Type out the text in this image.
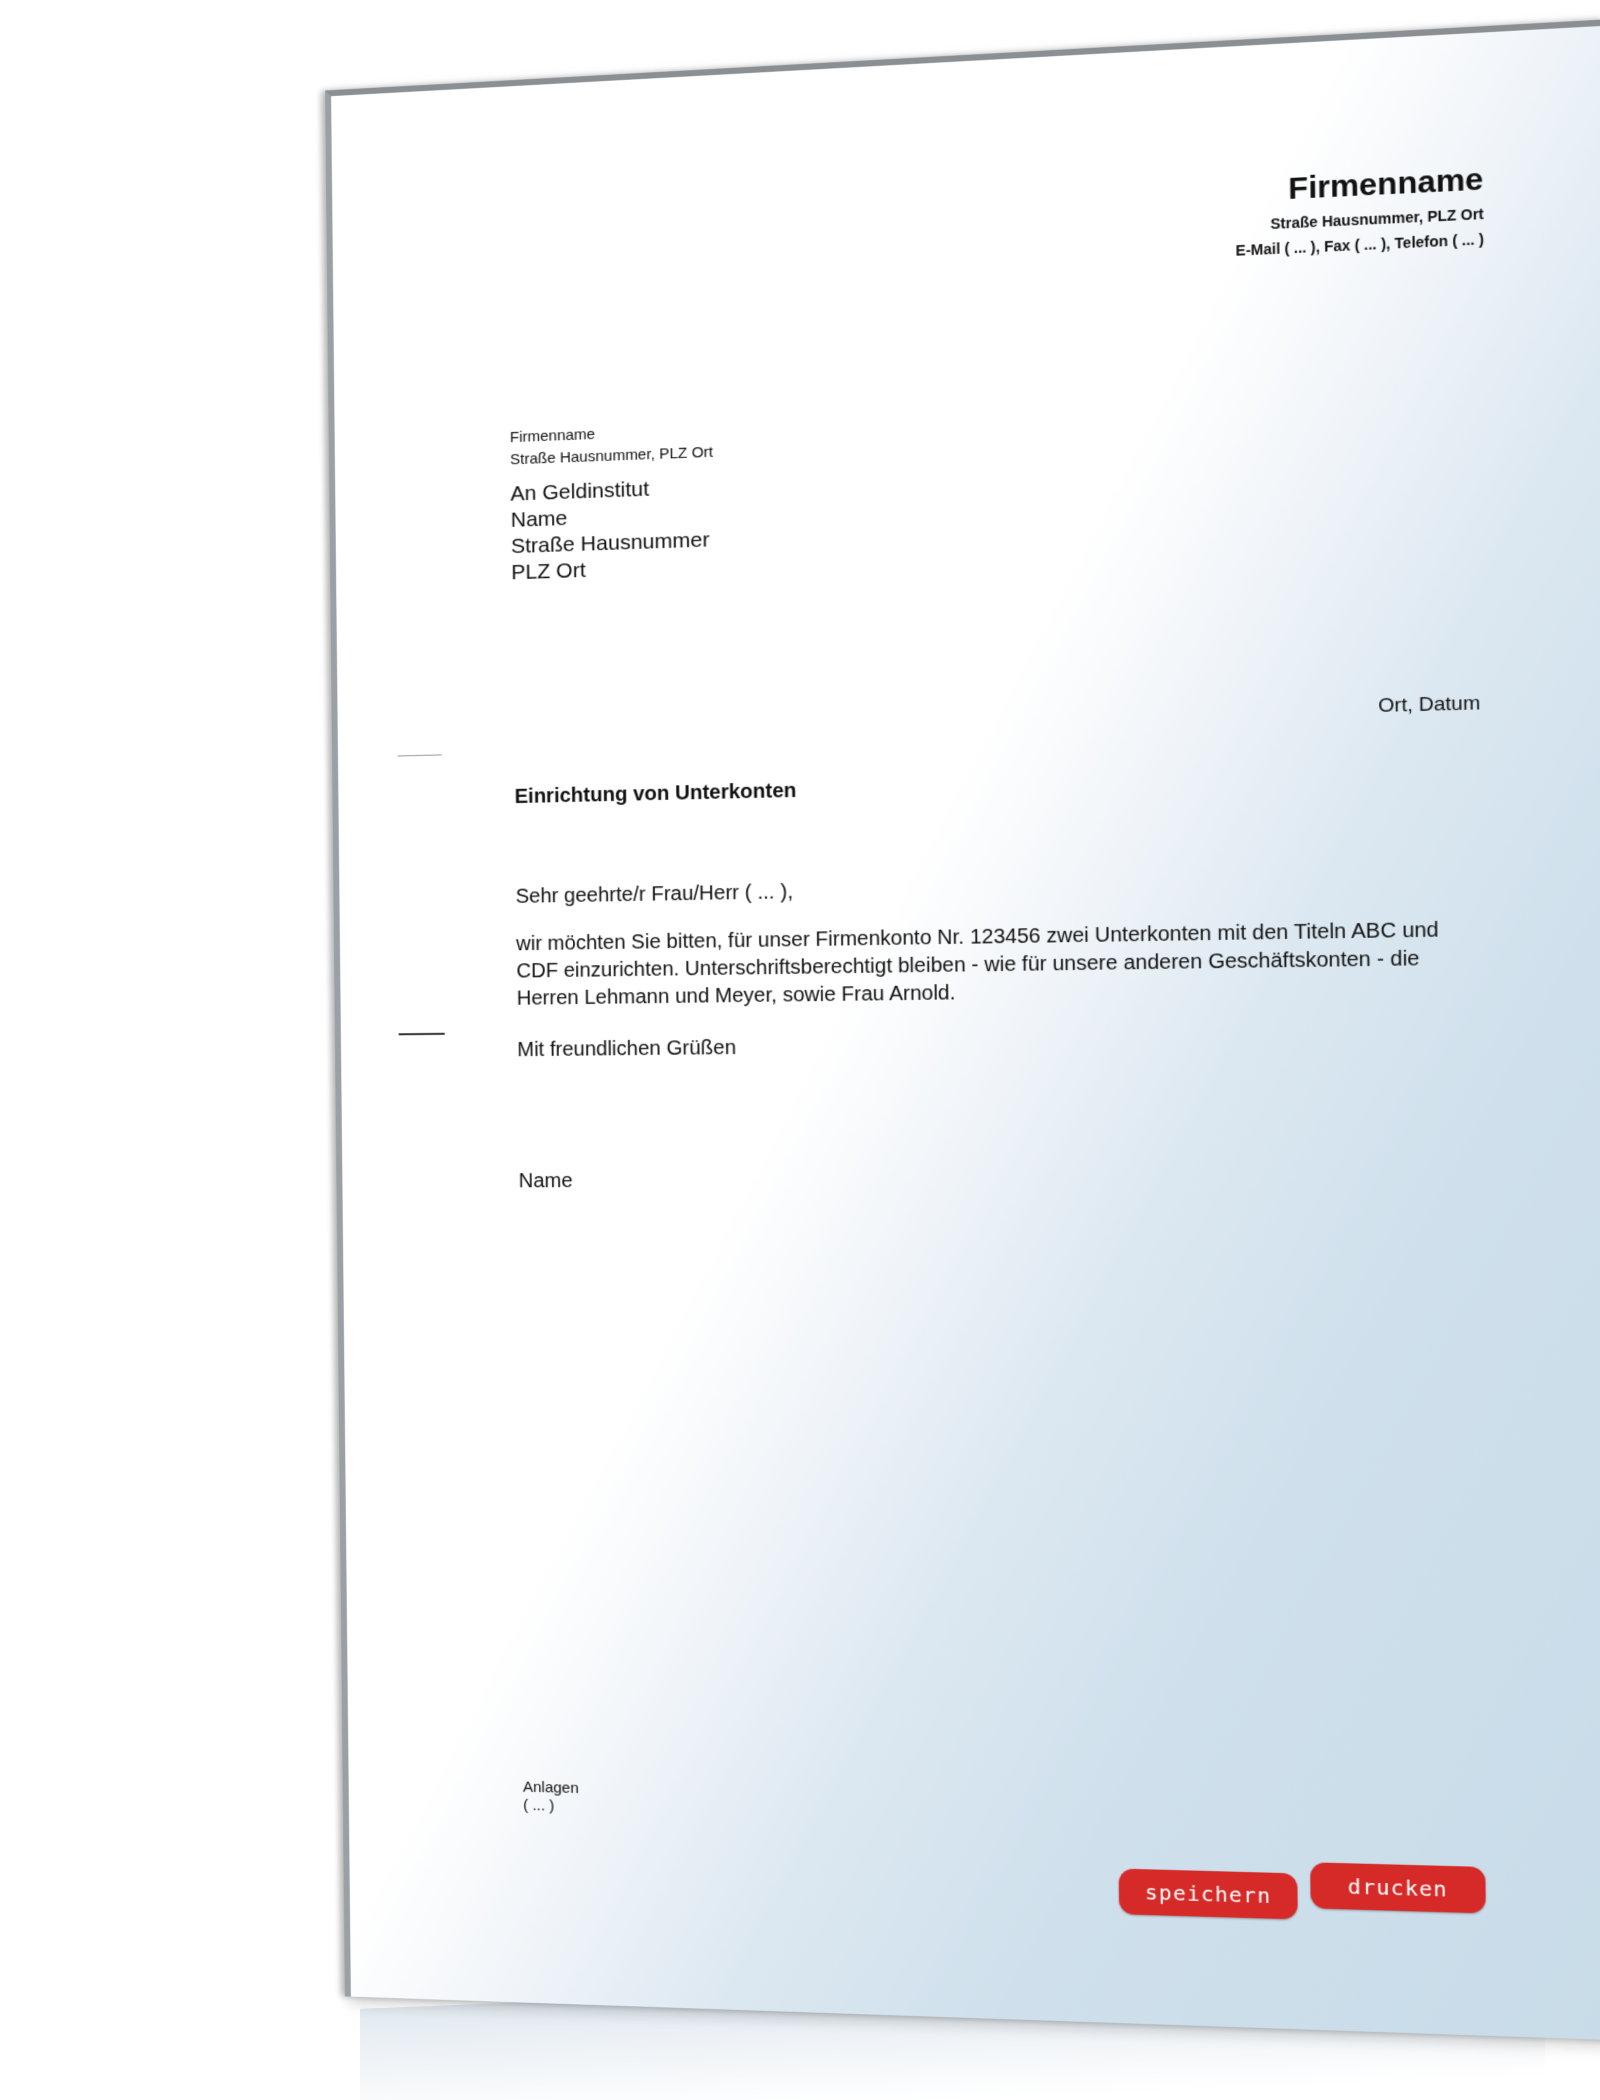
Firmenname
Straße Hausnummer, PLZ Ort
E-Mail ( ... ), Fax ( ... ), Telefon ( ... )
Firmenname
Straße Hausnummer, PLZ Ort
An Geldinstitut
Name
Straße Hausnummer
PLZ Ort
Ort, Datum
Einrichtung von Unterkonten
Sehr geehrte/r Frau/Herr ( ... ),
wir möchten Sie bitten, für unser Firmenkonto Nr. 123456 zwei Unterkonten mit den Titeln ABC und CDF einzurichten. Unterschriftsberechtigt bleiben - wie für unsere anderen Geschäftskonten - die Herren Lehmann und Meyer, sowie Frau Arnold.
Mit freundlichen Grüßen
Name
Anlagen
( ... )
speichern	drucken
